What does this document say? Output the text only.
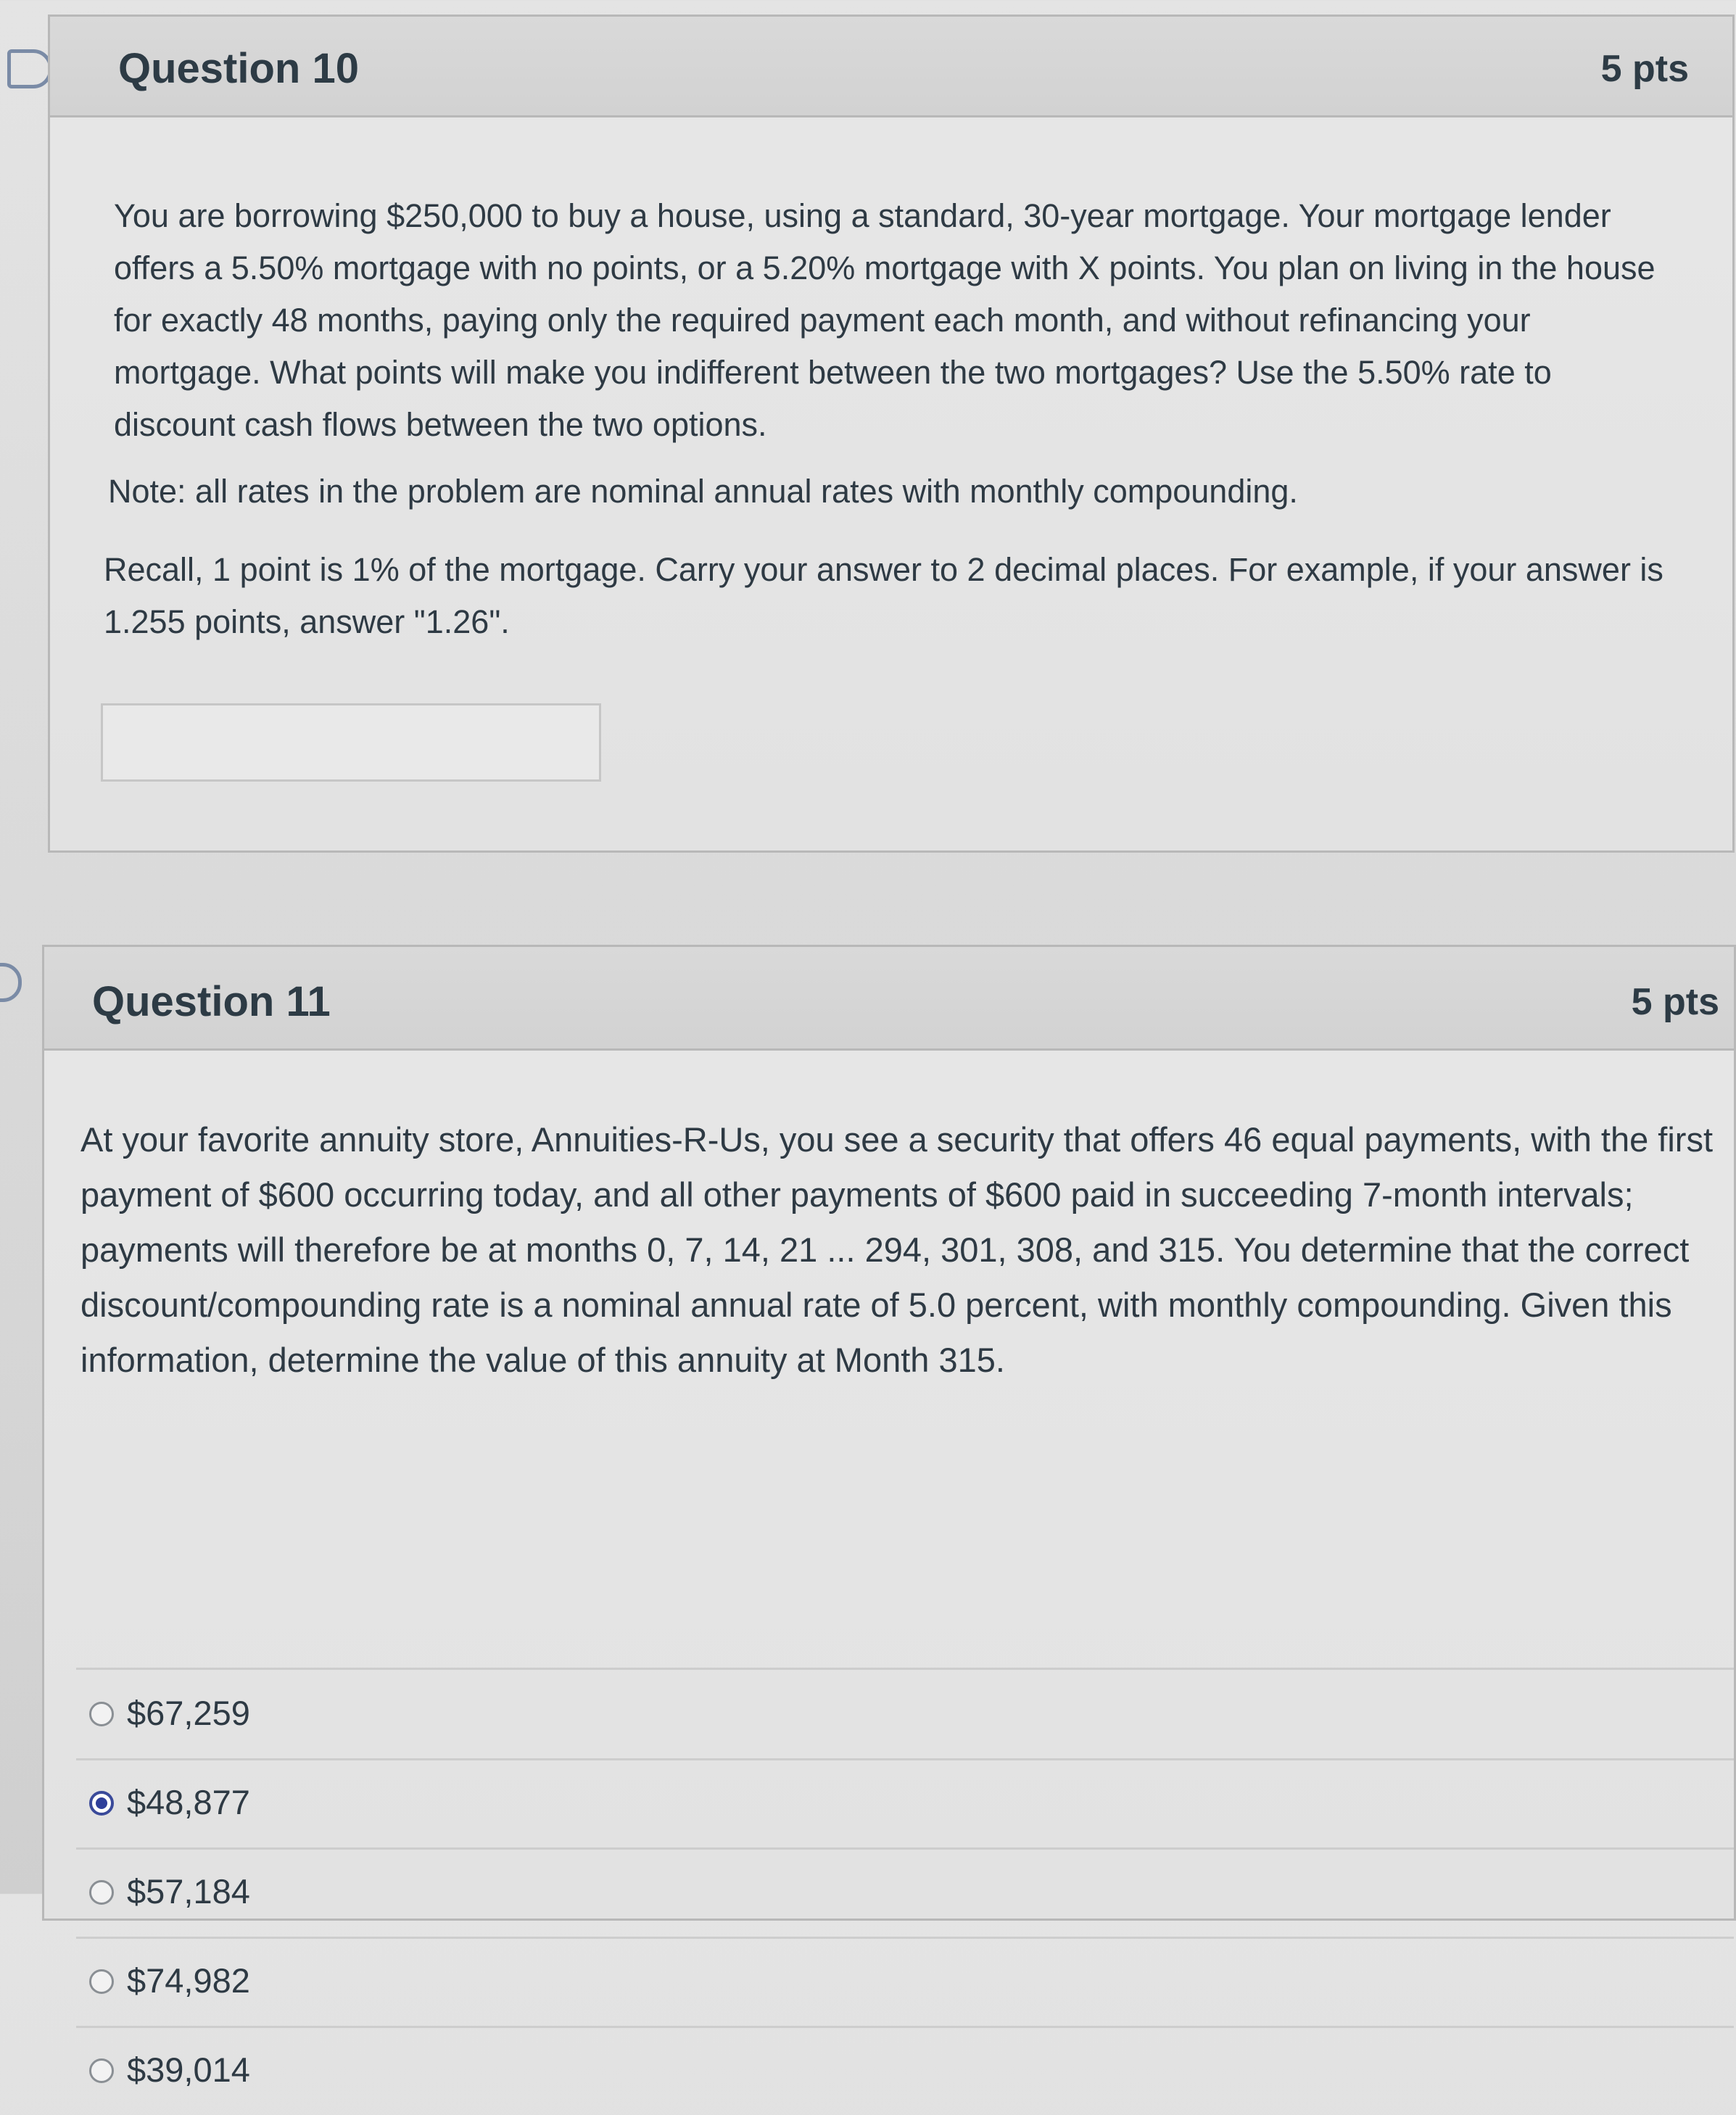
Question 10	5 pts
You are borrowing $250,000 to buy a house, using a standard, 30-year mortgage. Your mortgage lender offers a 5.50% mortgage with no points, or a 5.20% mortgage with X points. You plan on living in the house for exactly 48 months, paying only the required payment each month, and without refinancing your mortgage. What points will make you indifferent between the two mortgages? Use the 5.50% rate to discount cash flows between the two options.
Note: all rates in the problem are nominal annual rates with monthly compounding.
Recall, 1 point is 1% of the mortgage. Carry your answer to 2 decimal places. For example, if your answer is 1.255 points, answer "1.26".
Question 11	5 pts
At your favorite annuity store, Annuities-R-Us, you see a security that offers 46 equal payments, with the first payment of $600 occurring today, and all other payments of $600 paid in succeeding 7-month intervals; payments will therefore be at months 0, 7, 14, 21 ... 294, 301, 308, and 315. You determine that the correct discount/compounding rate is a nominal annual rate of 5.0 percent, with monthly compounding. Given this information, determine the value of this annuity at Month 315.
$67,259
$48,877
$57,184
$74,982
$39,014
